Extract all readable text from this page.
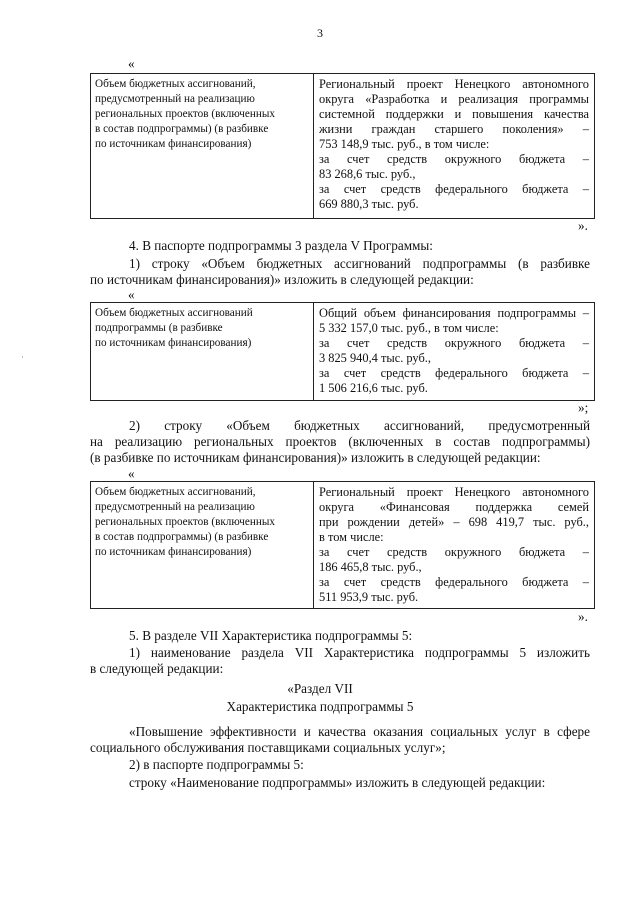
3
«
Объем бюджетных ассигнований,
предусмотренный на реализацию
региональных проектов (включенных
в состав подпрограммы) (в разбивке
по источникам финансирования)
Региональный проект Ненецкого автономного
округа «Разработка и реализация программы
системной поддержки и повышения качества
жизни граждан старшего поколения» –
753 148,9 тыс. руб., в том числе:
за счет средств окружного бюджета –
83 268,6 тыс. руб.,
за счет средств федерального бюджета –
669 880,3 тыс. руб.
».
4. В паспорте подпрограммы 3 раздела V Программы:
1) строку «Объем бюджетных ассигнований подпрограммы (в разбивке
по источникам финансирования)» изложить в следующей редакции:
«
Объем бюджетных ассигнований
подпрограммы (в разбивке
по источникам финансирования)
Общий объем финансирования подпрограммы –
5 332 157,0 тыс. руб., в том числе:
за счет средств окружного бюджета –
3 825 940,4 тыс. руб.,
за счет средств федерального бюджета –
1 506 216,6 тыс. руб.
»;
2) строку «Объем бюджетных ассигнований, предусмотренный
на реализацию региональных проектов (включенных в состав подпрограммы)
(в разбивке по источникам финансирования)» изложить в следующей редакции:
«
Объем бюджетных ассигнований,
предусмотренный на реализацию
региональных проектов (включенных
в состав подпрограммы) (в разбивке
по источникам финансирования)
Региональный проект Ненецкого автономного
округа «Финансовая поддержка семей
при рождении детей» – 698 419,7 тыс. руб.,
в том числе:
за счет средств окружного бюджета –
186 465,8 тыс. руб.,
за счет средств федерального бюджета –
511 953,9 тыс. руб.
».
5. В разделе VII Характеристика подпрограммы 5:
1) наименование раздела VII Характеристика подпрограммы 5 изложить
в следующей редакции:
«Раздел VII
Характеристика подпрограммы 5
«Повышение эффективности и качества оказания социальных услуг в сфере
социального обслуживания поставщиками социальных услуг»;
2) в паспорте подпрограммы 5:
строку «Наименование подпрограммы» изложить в следующей редакции:
·
